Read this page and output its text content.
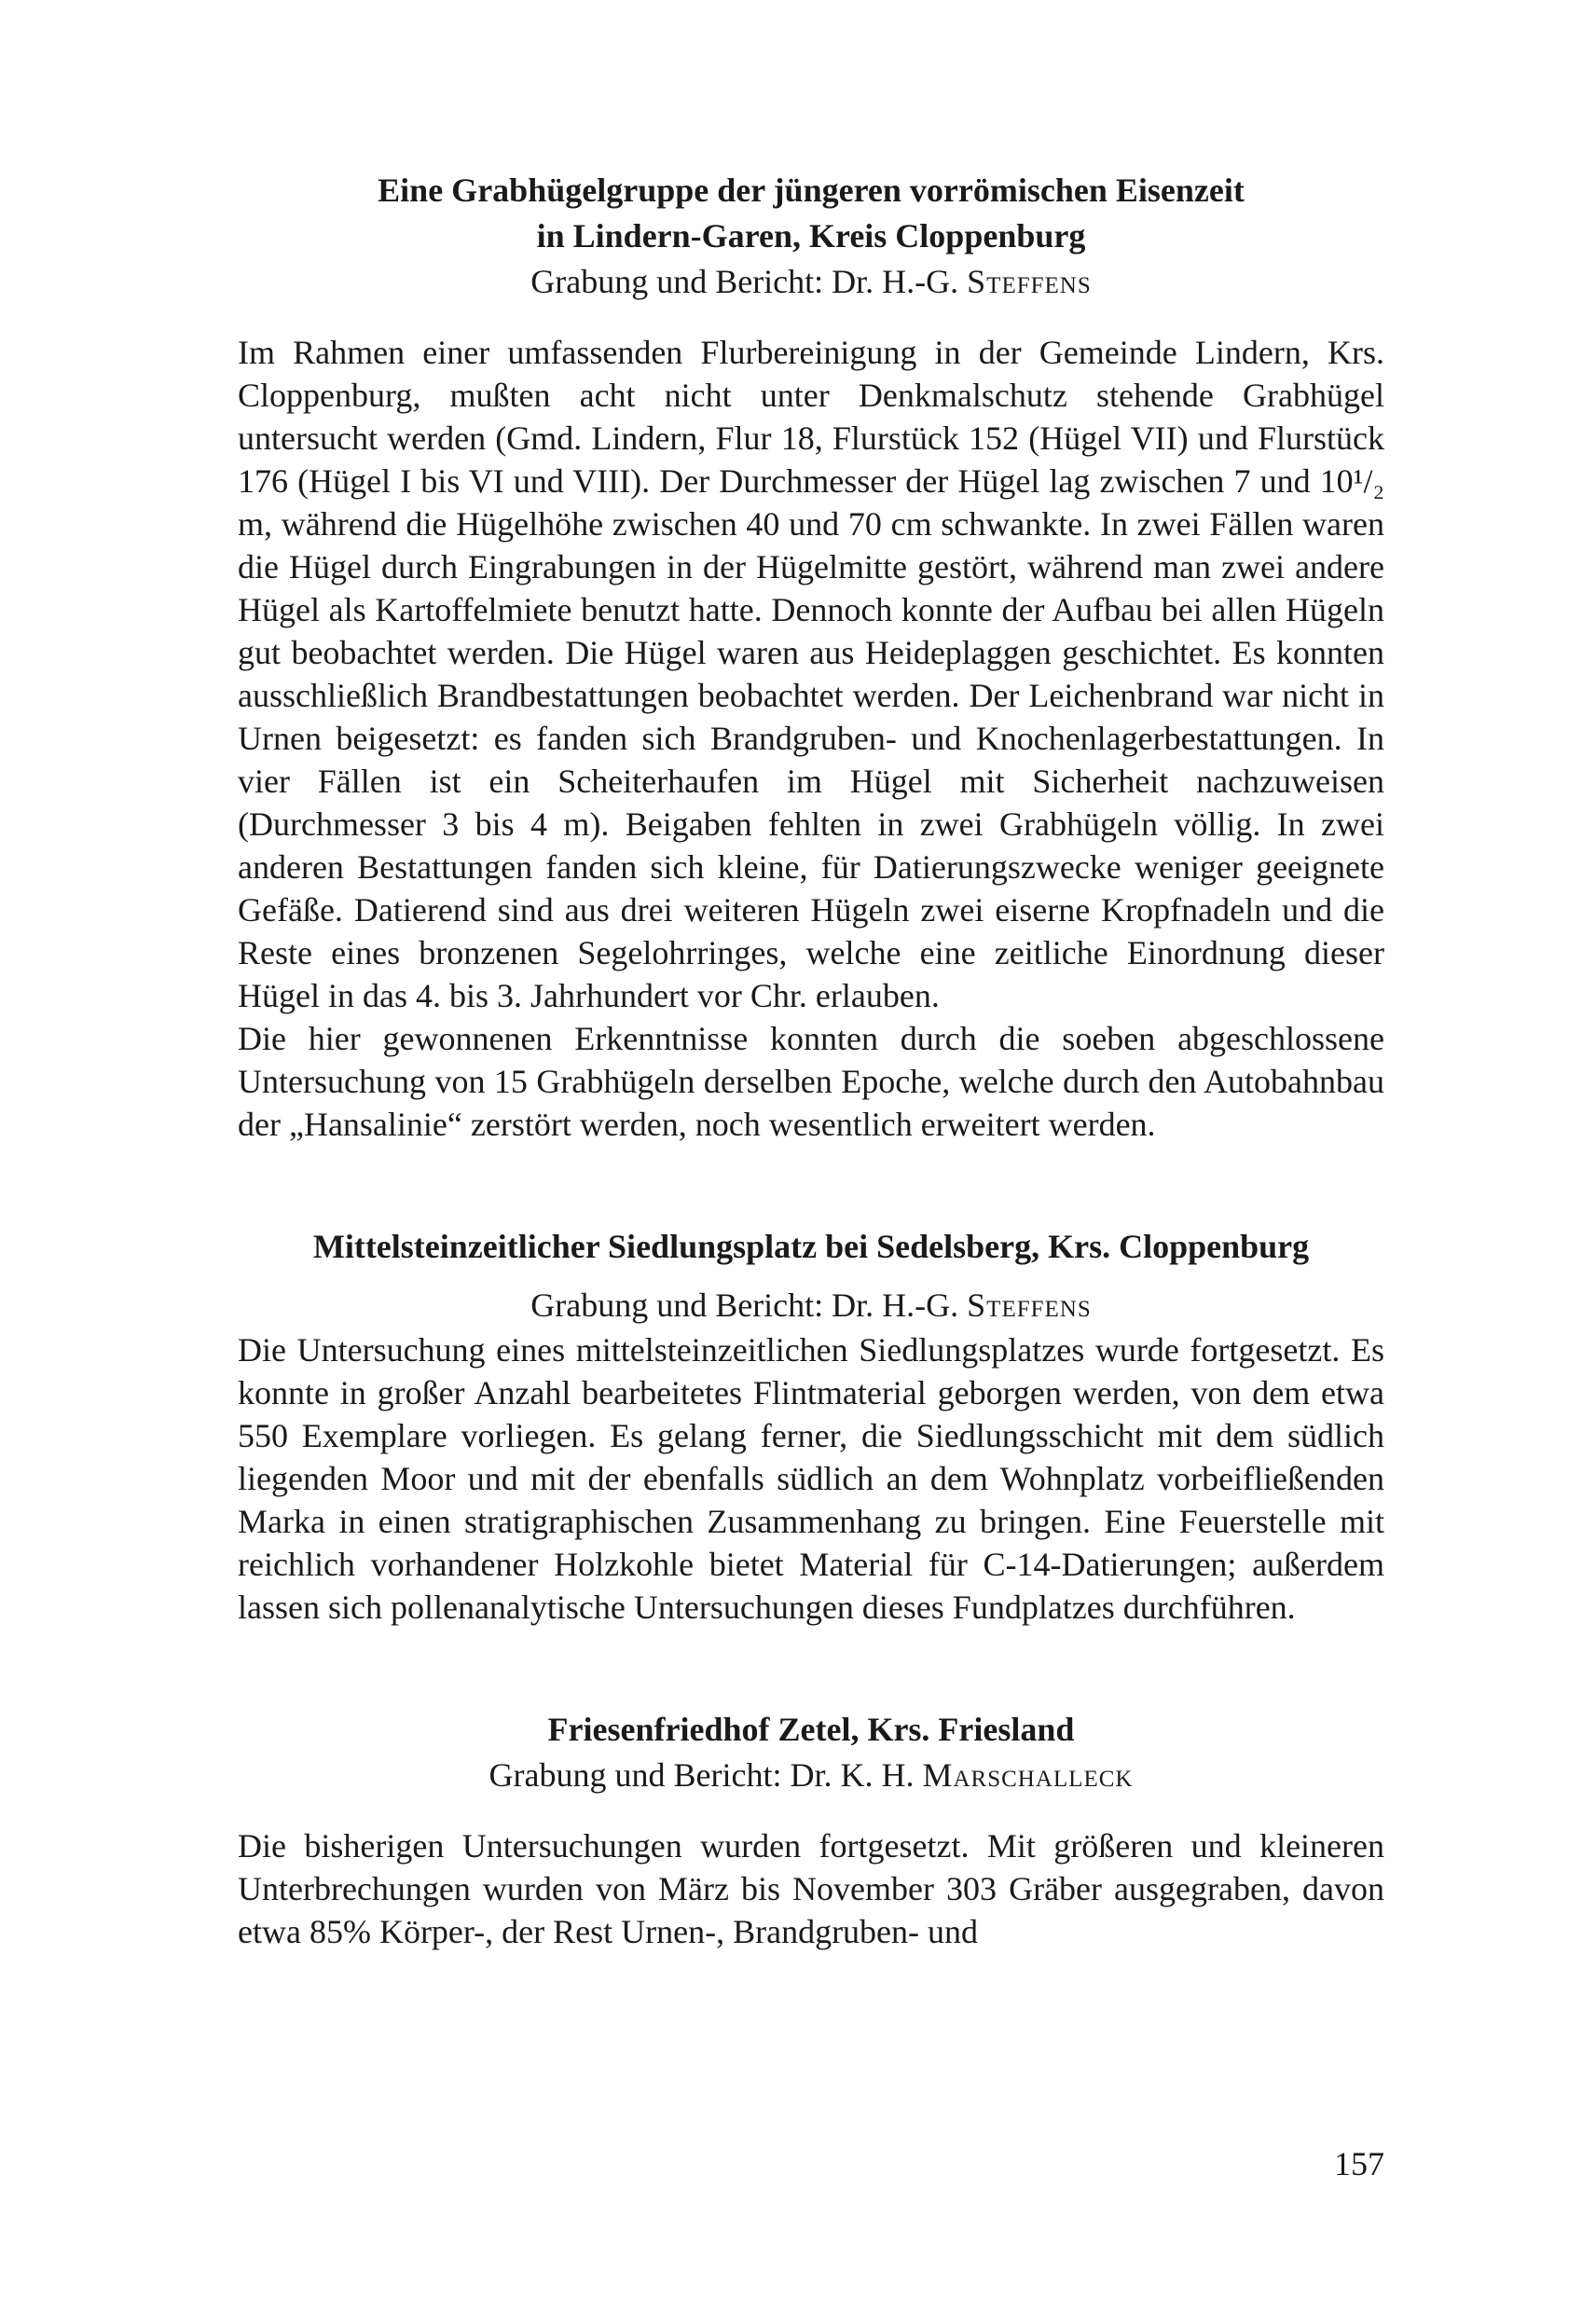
Eine Grabhügelgruppe der jüngeren vorrömischen Eisenzeit
in Lindern-Garen, Kreis Cloppenburg

Grabung und Bericht: Dr. H.-G. Steffens

Im Rahmen einer umfassenden Flurbereinigung in der Gemeinde Lindern, Krs. Cloppenburg, mußten acht nicht unter Denkmalschutz stehende Grabhügel untersucht werden (Gmd. Lindern, Flur 18, Flurstück 152 (Hügel VII) und Flurstück 176 (Hügel I bis VI und VIII). Der Durchmesser der Hügel lag zwischen 7 und 10¹/₂ m, während die Hügelhöhe zwischen 40 und 70 cm schwankte. In zwei Fällen waren die Hügel durch Eingrabungen in der Hügelmitte gestört, während man zwei andere Hügel als Kartoffelmiete benutzt hatte. Dennoch konnte der Aufbau bei allen Hügeln gut beobachtet werden. Die Hügel waren aus Heideplaggen geschichtet. Es konnten ausschließlich Brandbestattungen beobachtet werden. Der Leichenbrand war nicht in Urnen beigesetzt: es fanden sich Brandgruben- und Knochenlagerbestattungen. In vier Fällen ist ein Scheiterhaufen im Hügel mit Sicherheit nachzuweisen (Durchmesser 3 bis 4 m). Beigaben fehlten in zwei Grabhügeln völlig. In zwei anderen Bestattungen fanden sich kleine, für Datierungszwecke weniger geeignete Gefäße. Datierend sind aus drei weiteren Hügeln zwei eiserne Kropfnadeln und die Reste eines bronzenen Segelohrringes, welche eine zeitliche Einordnung dieser Hügel in das 4. bis 3. Jahrhundert vor Chr. erlauben.

Die hier gewonnenen Erkenntnisse konnten durch die soeben abgeschlossene Untersuchung von 15 Grabhügeln derselben Epoche, welche durch den Autobahnbau der „Hansalinie“ zerstört werden, noch wesentlich erweitert werden.

Mittelsteinzeitlicher Siedlungsplatz bei Sedelsberg, Krs. Cloppenburg

Grabung und Bericht: Dr. H.-G. Steffens

Die Untersuchung eines mittelsteinzeitlichen Siedlungsplatzes wurde fortgesetzt. Es konnte in großer Anzahl bearbeitetes Flintmaterial geborgen werden, von dem etwa 550 Exemplare vorliegen. Es gelang ferner, die Siedlungsschicht mit dem südlich liegenden Moor und mit der ebenfalls südlich an dem Wohnplatz vorbeifließenden Marka in einen stratigraphischen Zusammenhang zu bringen. Eine Feuerstelle mit reichlich vorhandener Holzkohle bietet Material für C-14-Datierungen; außerdem lassen sich pollenanalytische Untersuchungen dieses Fundplatzes durchführen.

Friesenfriedhof Zetel, Krs. Friesland

Grabung und Bericht: Dr. K. H. Marschalleck

Die bisherigen Untersuchungen wurden fortgesetzt. Mit größeren und kleineren Unterbrechungen wurden von März bis November 303 Gräber ausgegraben, davon etwa 85% Körper-, der Rest Urnen-, Brandgruben- und

157
